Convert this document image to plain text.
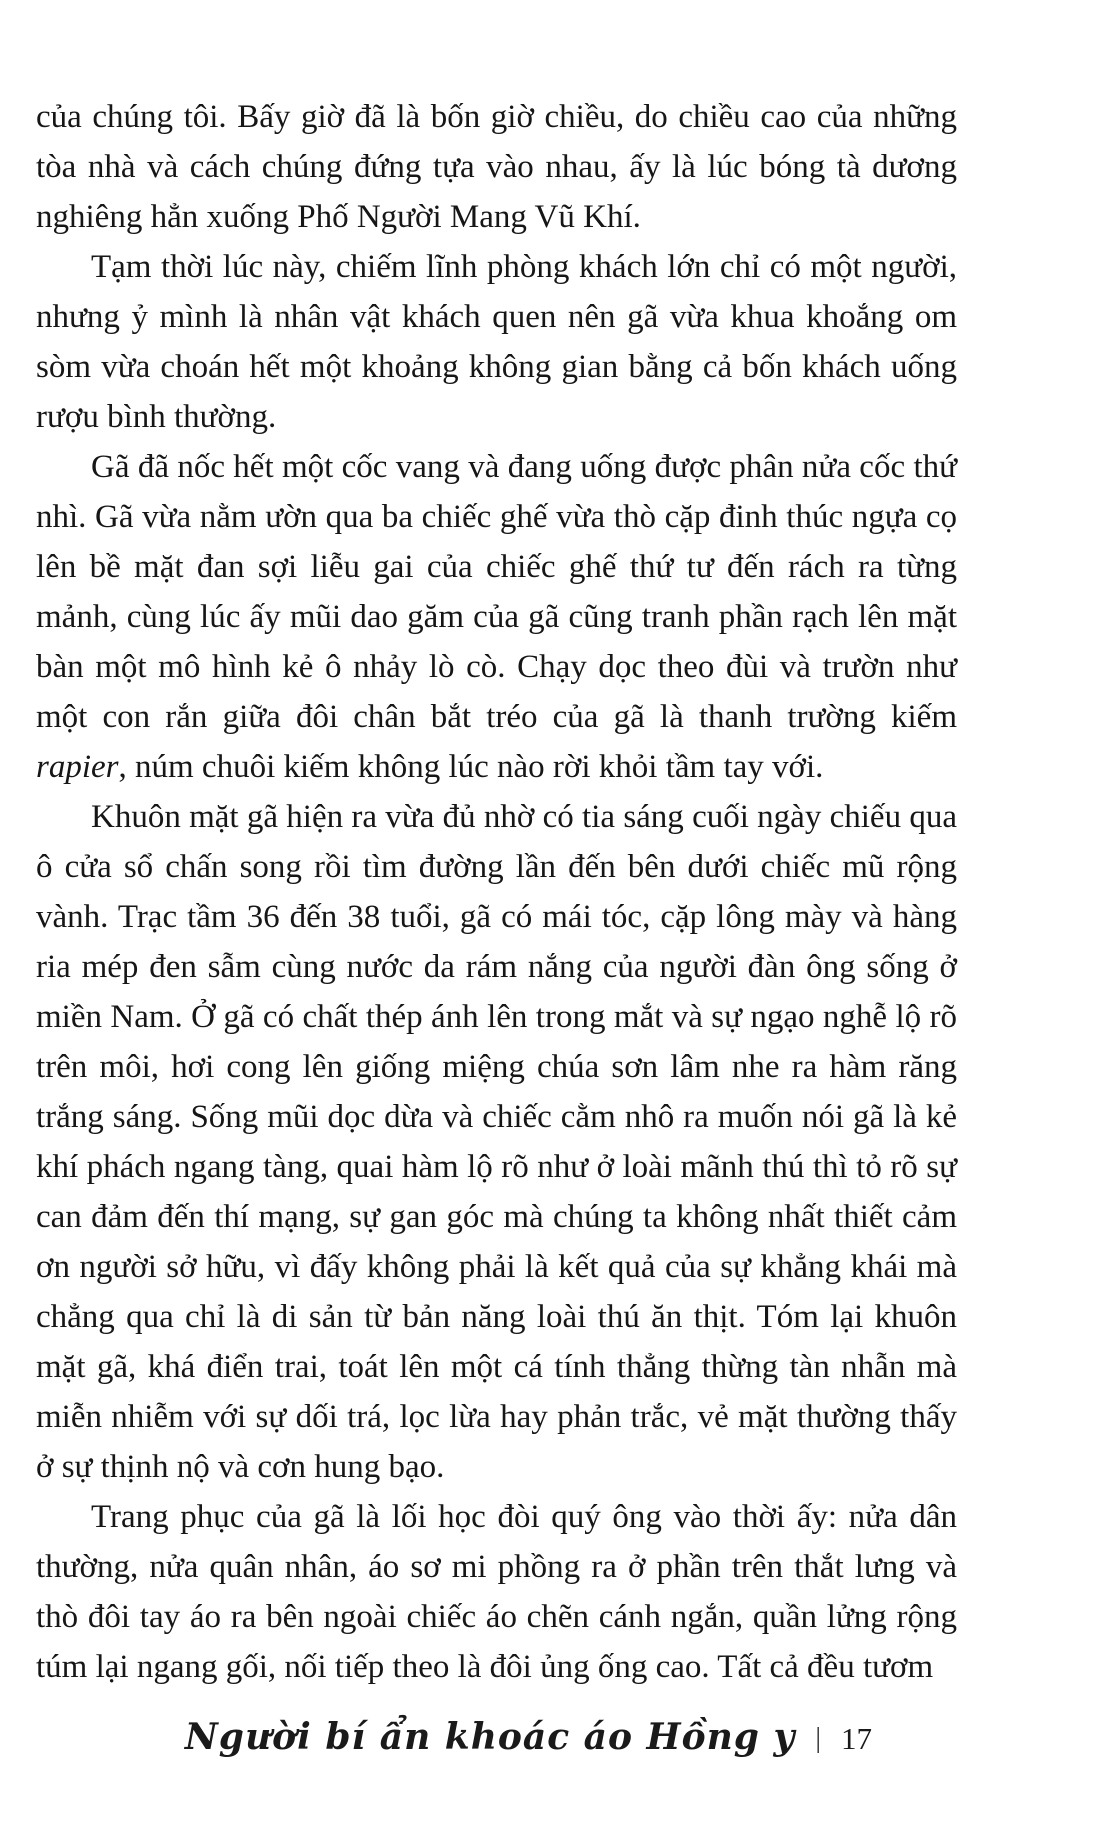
của chúng tôi. Bấy giờ đã là bốn giờ chiều, do chiều cao của những tòa nhà và cách chúng đứng tựa vào nhau, ấy là lúc bóng tà dương nghiêng hẳn xuống Phố Người Mang Vũ Khí.

Tạm thời lúc này, chiếm lĩnh phòng khách lớn chỉ có một người, nhưng ỷ mình là nhân vật khách quen nên gã vừa khua khoắng om sòm vừa choán hết một khoảng không gian bằng cả bốn khách uống rượu bình thường.

Gã đã nốc hết một cốc vang và đang uống được phân nửa cốc thứ nhì. Gã vừa nằm ườn qua ba chiếc ghế vừa thò cặp đinh thúc ngựa cọ lên bề mặt đan sợi liễu gai của chiếc ghế thứ tư đến rách ra từng mảnh, cùng lúc ấy mũi dao găm của gã cũng tranh phần rạch lên mặt bàn một mô hình kẻ ô nhảy lò cò. Chạy dọc theo đùi và trườn như một con rắn giữa đôi chân bắt tréo của gã là thanh trường kiếm rapier, núm chuôi kiếm không lúc nào rời khỏi tầm tay với.

Khuôn mặt gã hiện ra vừa đủ nhờ có tia sáng cuối ngày chiếu qua ô cửa sổ chấn song rồi tìm đường lần đến bên dưới chiếc mũ rộng vành. Trạc tầm 36 đến 38 tuổi, gã có mái tóc, cặp lông mày và hàng ria mép đen sẫm cùng nước da rám nắng của người đàn ông sống ở miền Nam. Ở gã có chất thép ánh lên trong mắt và sự ngạo nghễ lộ rõ trên môi, hơi cong lên giống miệng chúa sơn lâm nhe ra hàm răng trắng sáng. Sống mũi dọc dừa và chiếc cằm nhô ra muốn nói gã là kẻ khí phách ngang tàng, quai hàm lộ rõ như ở loài mãnh thú thì tỏ rõ sự can đảm đến thí mạng, sự gan góc mà chúng ta không nhất thiết cảm ơn người sở hữu, vì đấy không phải là kết quả của sự khẳng khái mà chẳng qua chỉ là di sản từ bản năng loài thú ăn thịt. Tóm lại khuôn mặt gã, khá điển trai, toát lên một cá tính thẳng thừng tàn nhẫn mà miễn nhiễm với sự dối trá, lọc lừa hay phản trắc, vẻ mặt thường thấy ở sự thịnh nộ và cơn hung bạo.

Trang phục của gã là lối học đòi quý ông vào thời ấy: nửa dân thường, nửa quân nhân, áo sơ mi phồng ra ở phần trên thắt lưng và thò đôi tay áo ra bên ngoài chiếc áo chẽn cánh ngắn, quần lửng rộng túm lại ngang gối, nối tiếp theo là đôi ủng ống cao. Tất cả đều tươm

Người bí ẩn khoác áo Hồng y | 17
